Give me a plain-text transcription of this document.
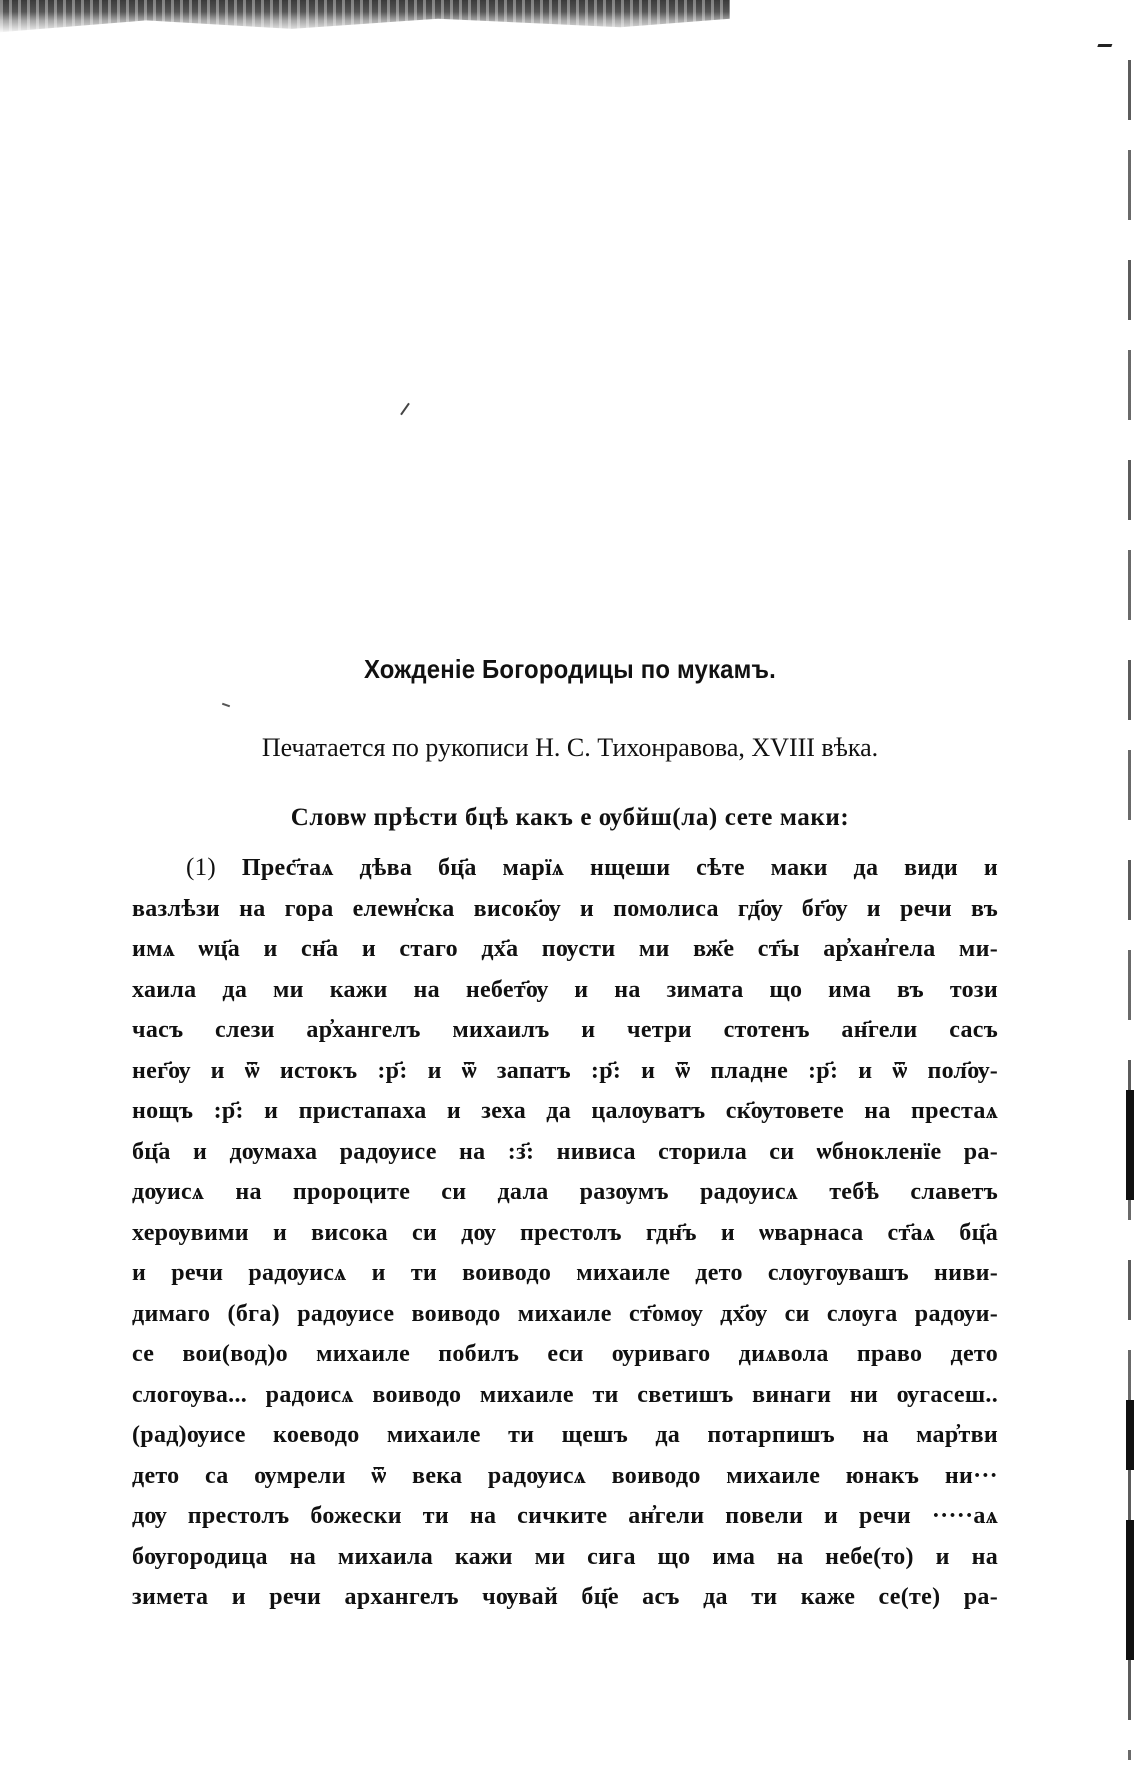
Хожденіе Богородицы по мукамъ.
Печатается по рукописи Н. С. Тихонравова, XVIII вѣка.
Словѡ прѣсти бцѣ какъ е ѹбйш(ла) сете маки:
(1) Прес҃таѧ дѣва бц҃а марїѧ нщеши сѣте маки да види и
вазлѣзи на гора елеѡн҆ска висок҃ѹ и помолиса гд҃ѹ бг҃ѹ и речи въ
имѧ ѡц҃а и сн҃а и стаго дх҃а пѹсти ми вж҃е ст҃ы ар҆хан҆гела ми-
хаила да ми кажи на небет҃ѹ и на зимата що има въ този
часъ слези ар҆хангелъ михаилъ и четри стотенъ ан҃гели сасъ
нег҃ѹ и ѿ истокъ :р҃: и ѿ запатъ :р҃: и ѿ пладне :р҃: и ѿ пол҃ѹ-
нощъ :р҃: и пристапаха и зеха да цалѹватъ ск҃ѹтовете на престаѧ
бц҃а и дѹмаха радѹисе на :з҃: нивиса сторила си ѡбнокленїе ра-
дѹисѧ на пророците си дала разѹмъ радѹисѧ тебѣ славетъ
херѹвими и висока си дѹ престолъ гдн҃ъ и ѡварнаса ст҃аѧ бц҃а
и речи радѹисѧ и ти воиводо михаиле дето слѹгѹвашъ ниви-
димаго (бга) радѹисе воиводо михаиле ст҃омѹ дх҃ѹ си слѹга радѹи-
се вои(вод)о михаиле побилъ еси ѹриваго диѧвола право дето
слогѹва... радоисѧ воиводо михаиле ти светишъ винаги ни ѹгасеш..
(рад)ѹисе коеводо михаиле ти щешъ да потарпишъ на мар҆тви
дето са ѹмрели ѿ века радѹисѧ воиводо михаиле юнакъ ни···
дѹ престолъ божески ти на сичките ан҆гели повели и речи ·····аѧ
бѹгородица на михаила кажи ми сига що има на небе(то) и на
зимета и речи архангелъ чѹвай бц҃е асъ да ти каже се(те) ра-
